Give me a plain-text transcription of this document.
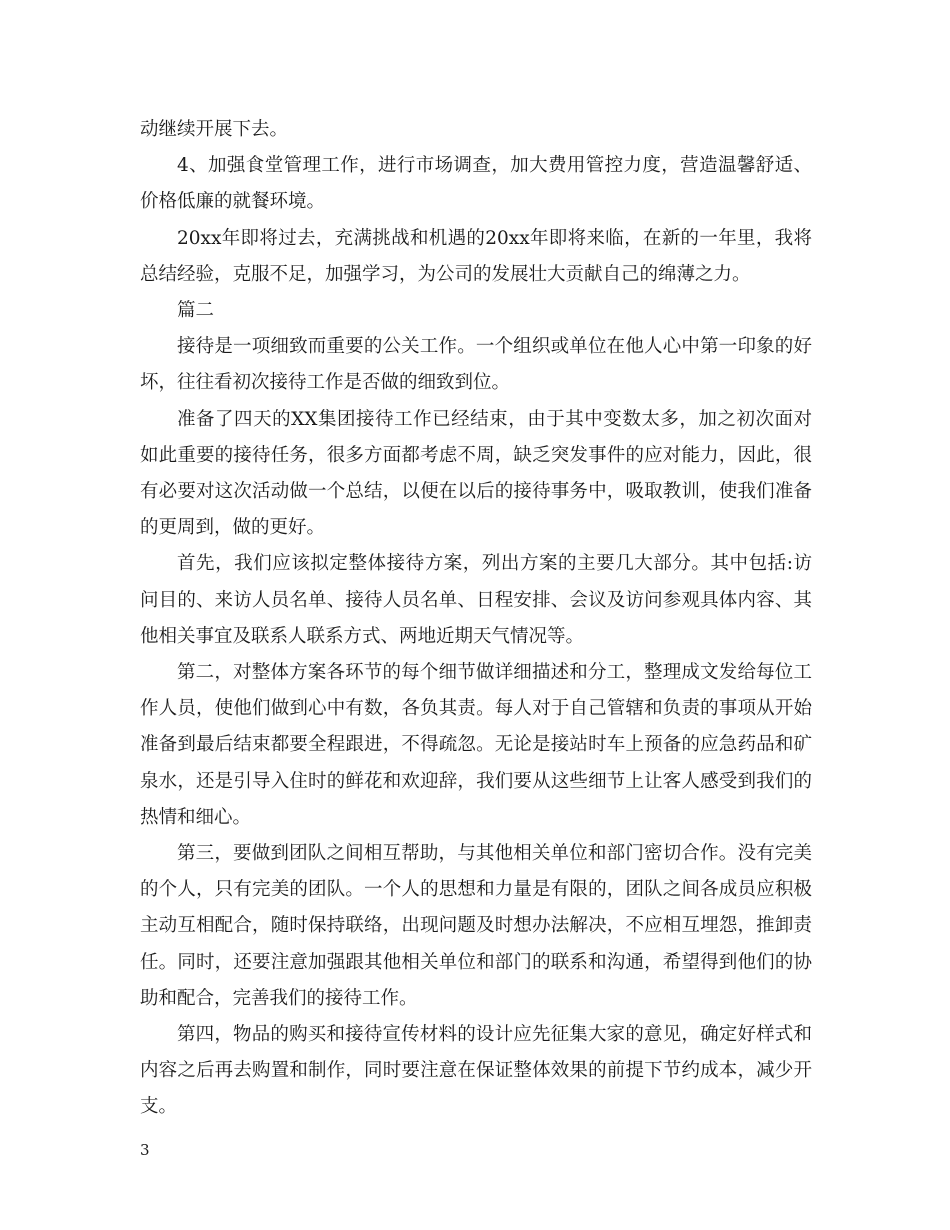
动继续开展下去。

4、加强食堂管理工作，进行市场调查，加大费用管控力度，营造温馨舒适、价格低廉的就餐环境。

20xx年即将过去，充满挑战和机遇的20xx年即将来临，在新的一年里，我将总结经验，克服不足，加强学习，为公司的发展壮大贡献自己的绵薄之力。

篇二

接待是一项细致而重要的公关工作。一个组织或单位在他人心中第一印象的好坏，往往看初次接待工作是否做的细致到位。

准备了四天的XX集团接待工作已经结束，由于其中变数太多，加之初次面对如此重要的接待任务，很多方面都考虑不周，缺乏突发事件的应对能力，因此，很有必要对这次活动做一个总结，以便在以后的接待事务中，吸取教训，使我们准备的更周到，做的更好。

首先，我们应该拟定整体接待方案，列出方案的主要几大部分。其中包括:访问目的、来访人员名单、接待人员名单、日程安排、会议及访问参观具体内容、其他相关事宜及联系人联系方式、两地近期天气情况等。

第二，对整体方案各环节的每个细节做详细描述和分工，整理成文发给每位工作人员，使他们做到心中有数，各负其责。每人对于自己管辖和负责的事项从开始准备到最后结束都要全程跟进，不得疏忽。无论是接站时车上预备的应急药品和矿泉水，还是引导入住时的鲜花和欢迎辞，我们要从这些细节上让客人感受到我们的热情和细心。

第三，要做到团队之间相互帮助，与其他相关单位和部门密切合作。没有完美的个人，只有完美的团队。一个人的思想和力量是有限的，团队之间各成员应积极主动互相配合，随时保持联络，出现问题及时想办法解决，不应相互埋怨，推卸责任。同时，还要注意加强跟其他相关单位和部门的联系和沟通，希望得到他们的协助和配合，完善我们的接待工作。

第四，物品的购买和接待宣传材料的设计应先征集大家的意见，确定好样式和内容之后再去购置和制作，同时要注意在保证整体效果的前提下节约成本，减少开支。

3
